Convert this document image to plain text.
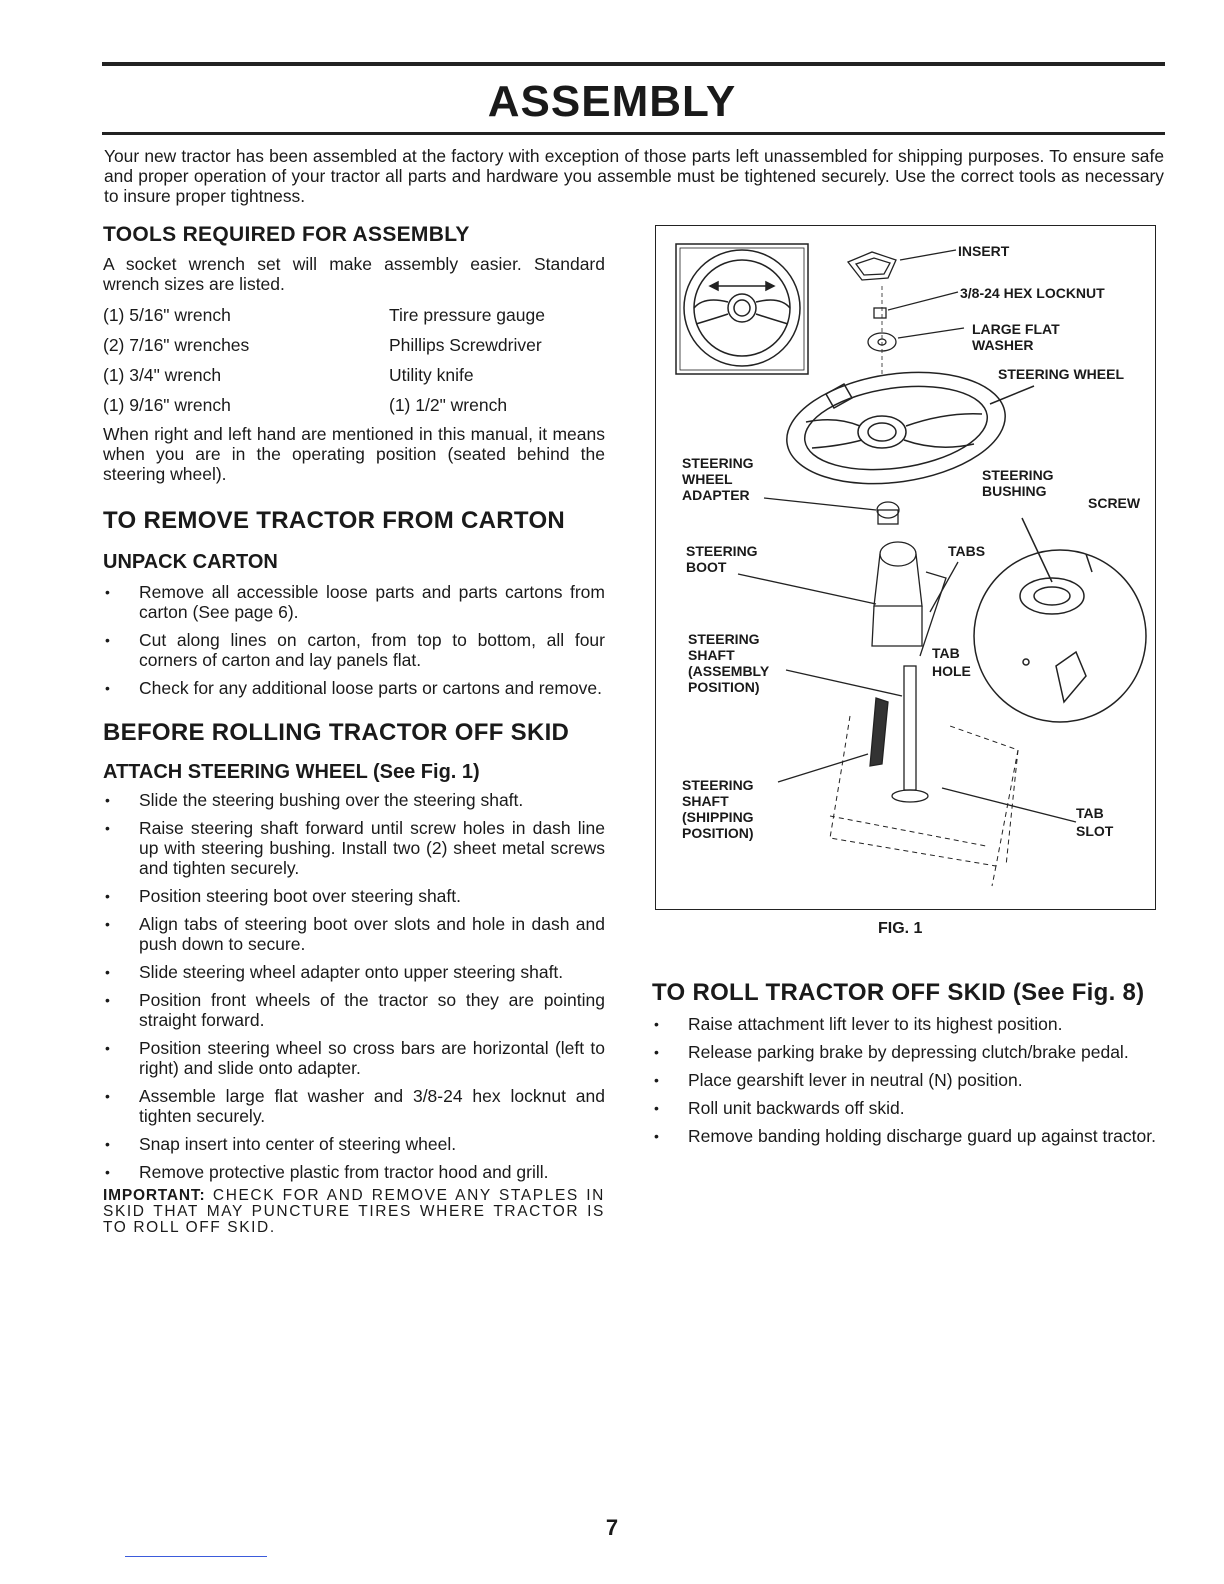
ASSEMBLY

Your new tractor has been assembled at the factory with exception of those parts left unassembled for shipping purposes. To ensure safe and proper operation of your tractor all parts and hardware you assemble must be tightened securely. Use the correct tools as necessary to insure proper tightness.

TOOLS REQUIRED FOR ASSEMBLY

A socket wrench set will make assembly easier. Standard wrench sizes are listed.

(1) 5/16" wrench	Tire pressure gauge
(2) 7/16" wrenches	Phillips Screwdriver
(1) 3/4" wrench	Utility knife
(1) 9/16" wrench	(1) 1/2" wrench

When right and left hand are mentioned in this manual, it means when you are in the operating position (seated behind the steering wheel).

TO REMOVE TRACTOR FROM CARTON
UNPACK CARTON
• Remove all accessible loose parts and parts cartons from carton (See page 6).
• Cut along lines on carton, from top to bottom, all four corners of carton and lay panels flat.
• Check for any additional loose parts or cartons and remove.
BEFORE ROLLING TRACTOR OFF SKID
ATTACH STEERING WHEEL (See Fig. 1)
• Slide the steering bushing over the steering shaft.
• Raise steering shaft forward until screw holes in dash line up with steering bushing. Install two (2) sheet metal screws and tighten securely.
• Position steering boot over steering shaft.
• Align tabs of steering boot over slots and hole in dash and push down to secure.
• Slide steering wheel adapter onto upper steering shaft.
• Position front wheels of the tractor so they are pointing straight forward.
• Position steering wheel so cross bars are horizontal (left to right) and slide onto adapter.
• Assemble large flat washer and 3/8-24 hex locknut and tighten securely.
• Snap insert into center of steering wheel.
• Remove protective plastic from tractor hood and grill.

IMPORTANT: CHECK FOR AND REMOVE ANY STAPLES IN SKID THAT MAY PUNCTURE TIRES WHERE TRACTOR IS TO ROLL OFF SKID.

INSERT
3/8-24 HEX LOCKNUT
LARGE FLAT
WASHER
STEERING WHEEL
STEERING
WHEEL
ADAPTER
STEERING
BUSHING
SCREW
STEERING
BOOT
TABS
STEERING
SHAFT
(ASSEMBLY
POSITION)
TAB
HOLE
STEERING
SHAFT
(SHIPPING
POSITION)
TAB
SLOT
FIG. 1
TO ROLL TRACTOR OFF SKID (See Fig. 8)
• Raise attachment lift lever to its highest position.
• Release parking brake by depressing clutch/brake pedal.
• Place gearshift lever in neutral (N) position.
• Roll unit backwards off skid.
• Remove banding holding discharge guard up against tractor.
7
